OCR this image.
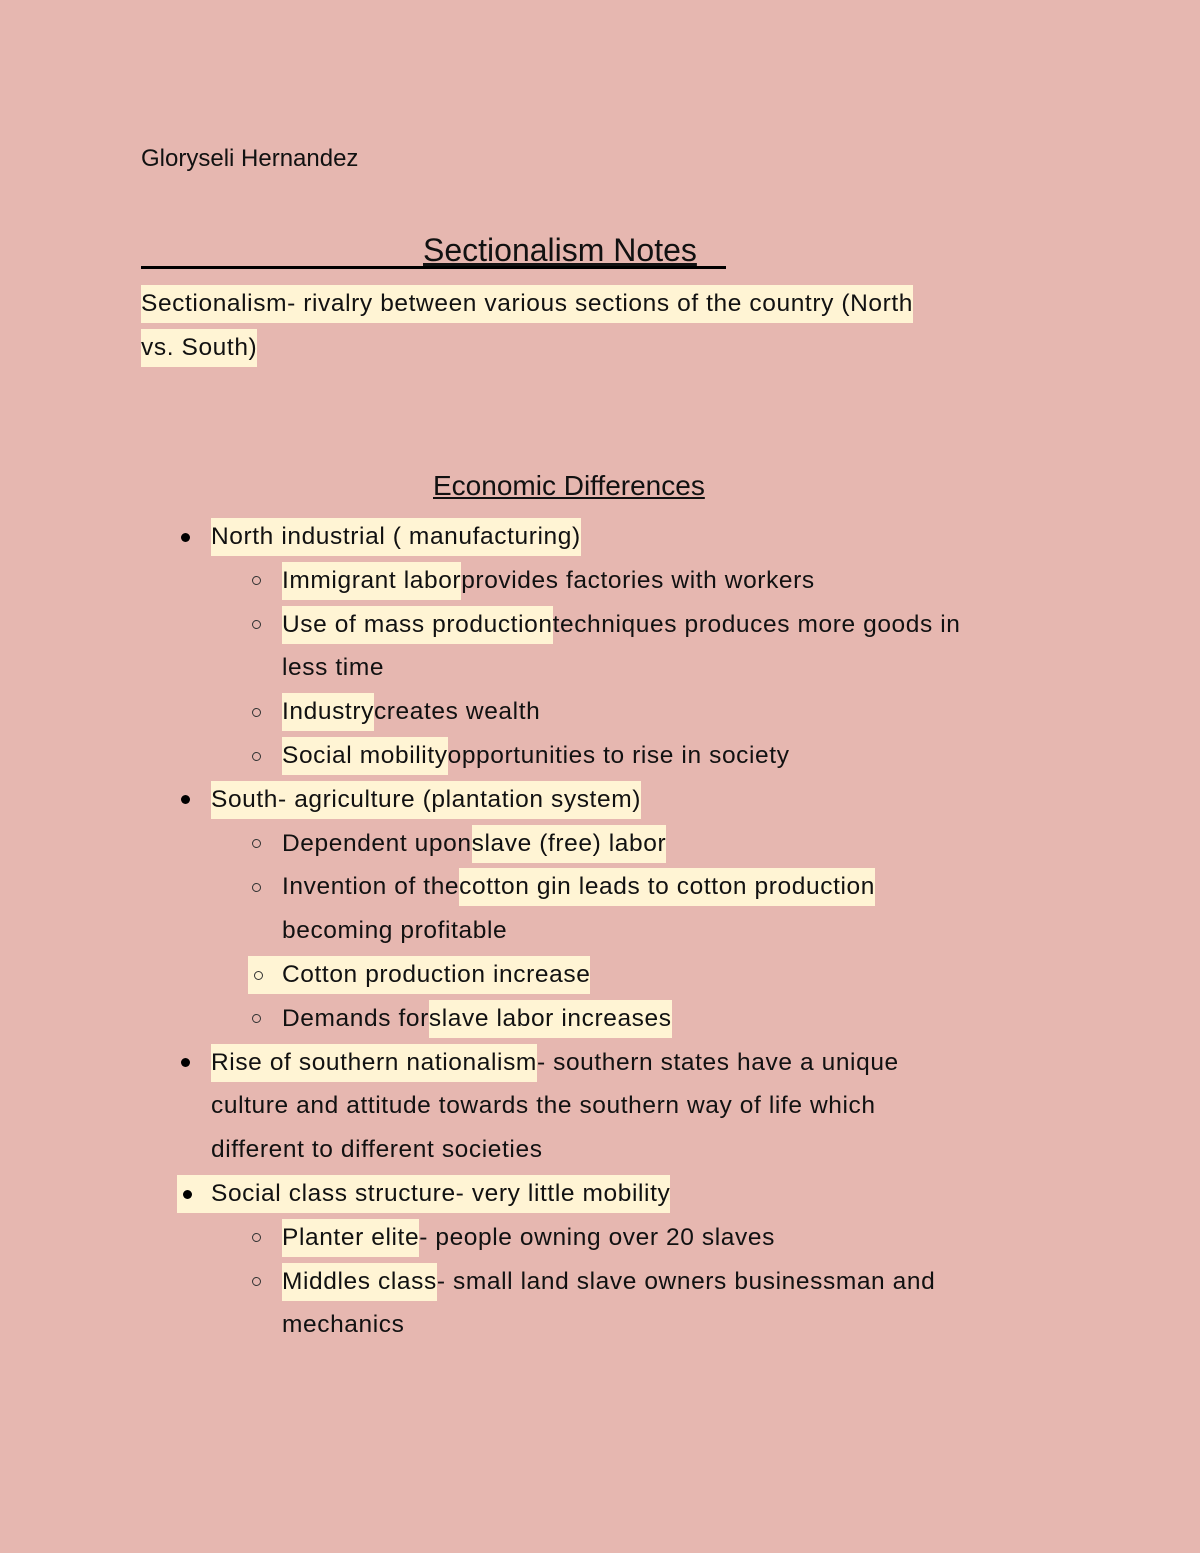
Gloryseli Hernandez
Sectionalism Notes
Sectionalism- rivalry between various sections of the country (North
vs. South)
Economic Differences
North industrial ( manufacturing)
Immigrant laborprovides factories with workers
Use of mass productiontechniques produces more goods in
less time
Industrycreates wealth
Social mobilityopportunities to rise in society
South- agriculture (plantation system)
Dependent uponslave (free) labor
Invention of thecotton gin leads to cotton production
becoming profitable
Cotton production increase
Demands forslave labor increases
Rise of southern nationalism- southern states have a unique
culture and attitude towards the southern way of life which
different to different societies
Social class structure- very little mobility
Planter elite- people owning over 20 slaves
Middles class- small land slave owners businessman and
mechanics
